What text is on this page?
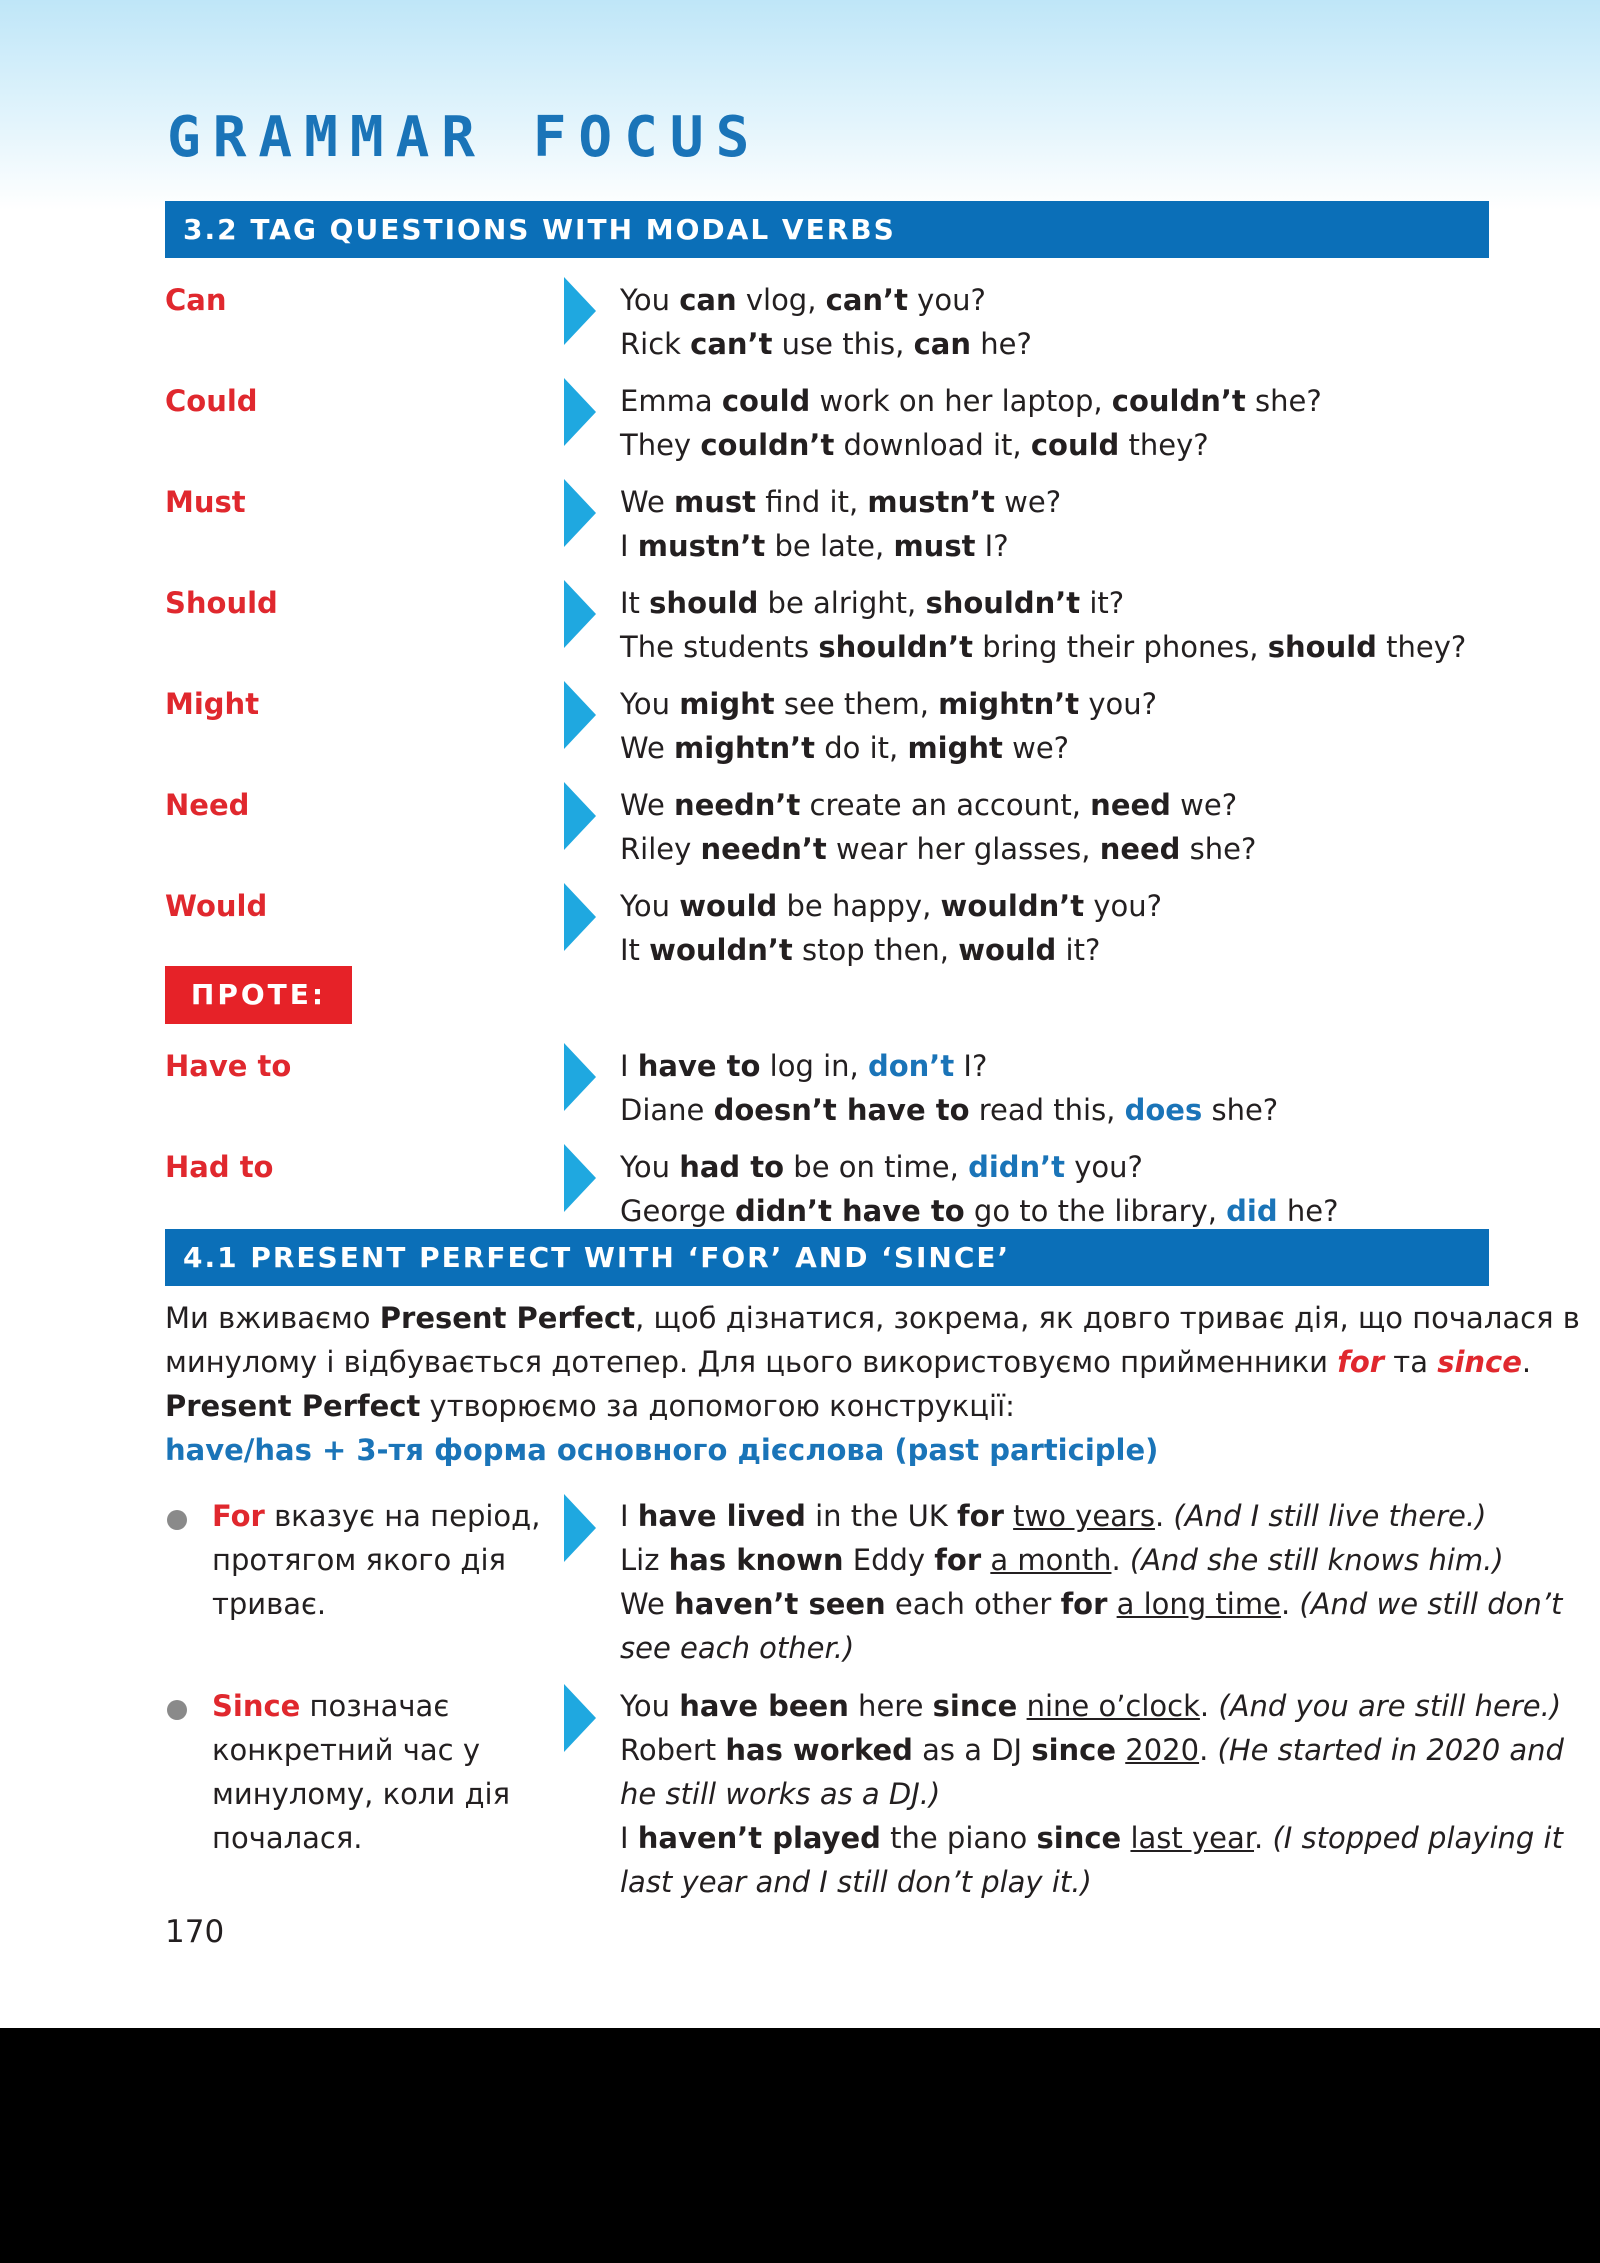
GRAMMAR FOCUS
3.2 TAG QUESTIONS WITH MODAL VERBS
Can	You can vlog, can’t you?
Rick can’t use this, can he?
Could	Emma could work on her laptop, couldn’t she?
They couldn’t download it, could they?
Must	We must find it, mustn’t we?
I mustn’t be late, must I?
Should	It should be alright, shouldn’t it?
The students shouldn’t bring their phones, should they?
Might	You might see them, mightn’t you?
We mightn’t do it, might we?
Need	We needn’t create an account, need we?
Riley needn’t wear her glasses, need she?
Would	You would be happy, wouldn’t you?
It wouldn’t stop then, would it?
ПРОТЕ:
Have to	I have to log in, don’t I?
Diane doesn’t have to read this, does she?
Had to	You had to be on time, didn’t you?
George didn’t have to go to the library, did he?
4.1 PRESENT PERFECT WITH ‘FOR’ AND ‘SINCE’
Ми вживаємо Present Perfect, щоб дізнатися, зокрема, як довго триває дія, що почалася в
минулому і відбувається дотепер. Для цього використовуємо прийменники for та since.
Present Perfect утворюємо за допомогою конструкції:
have/has + 3-тя форма основного дієслова (past participle)
For вказує на період,
протягом якого дія
триває.
I have lived in the UK for two years. (And I still live there.)
Liz has known Eddy for a month. (And she still knows him.)
We haven’t seen each other for a long time. (And we still don’t
see each other.)
Since позначає
конкретний час у
минулому, коли дія
почалася.
You have been here since nine o’clock. (And you are still here.)
Robert has worked as a DJ since 2020. (He started in 2020 and
he still works as a DJ.)
I haven’t played the piano since last year. (I stopped playing it
last year and I still don’t play it.)
170
